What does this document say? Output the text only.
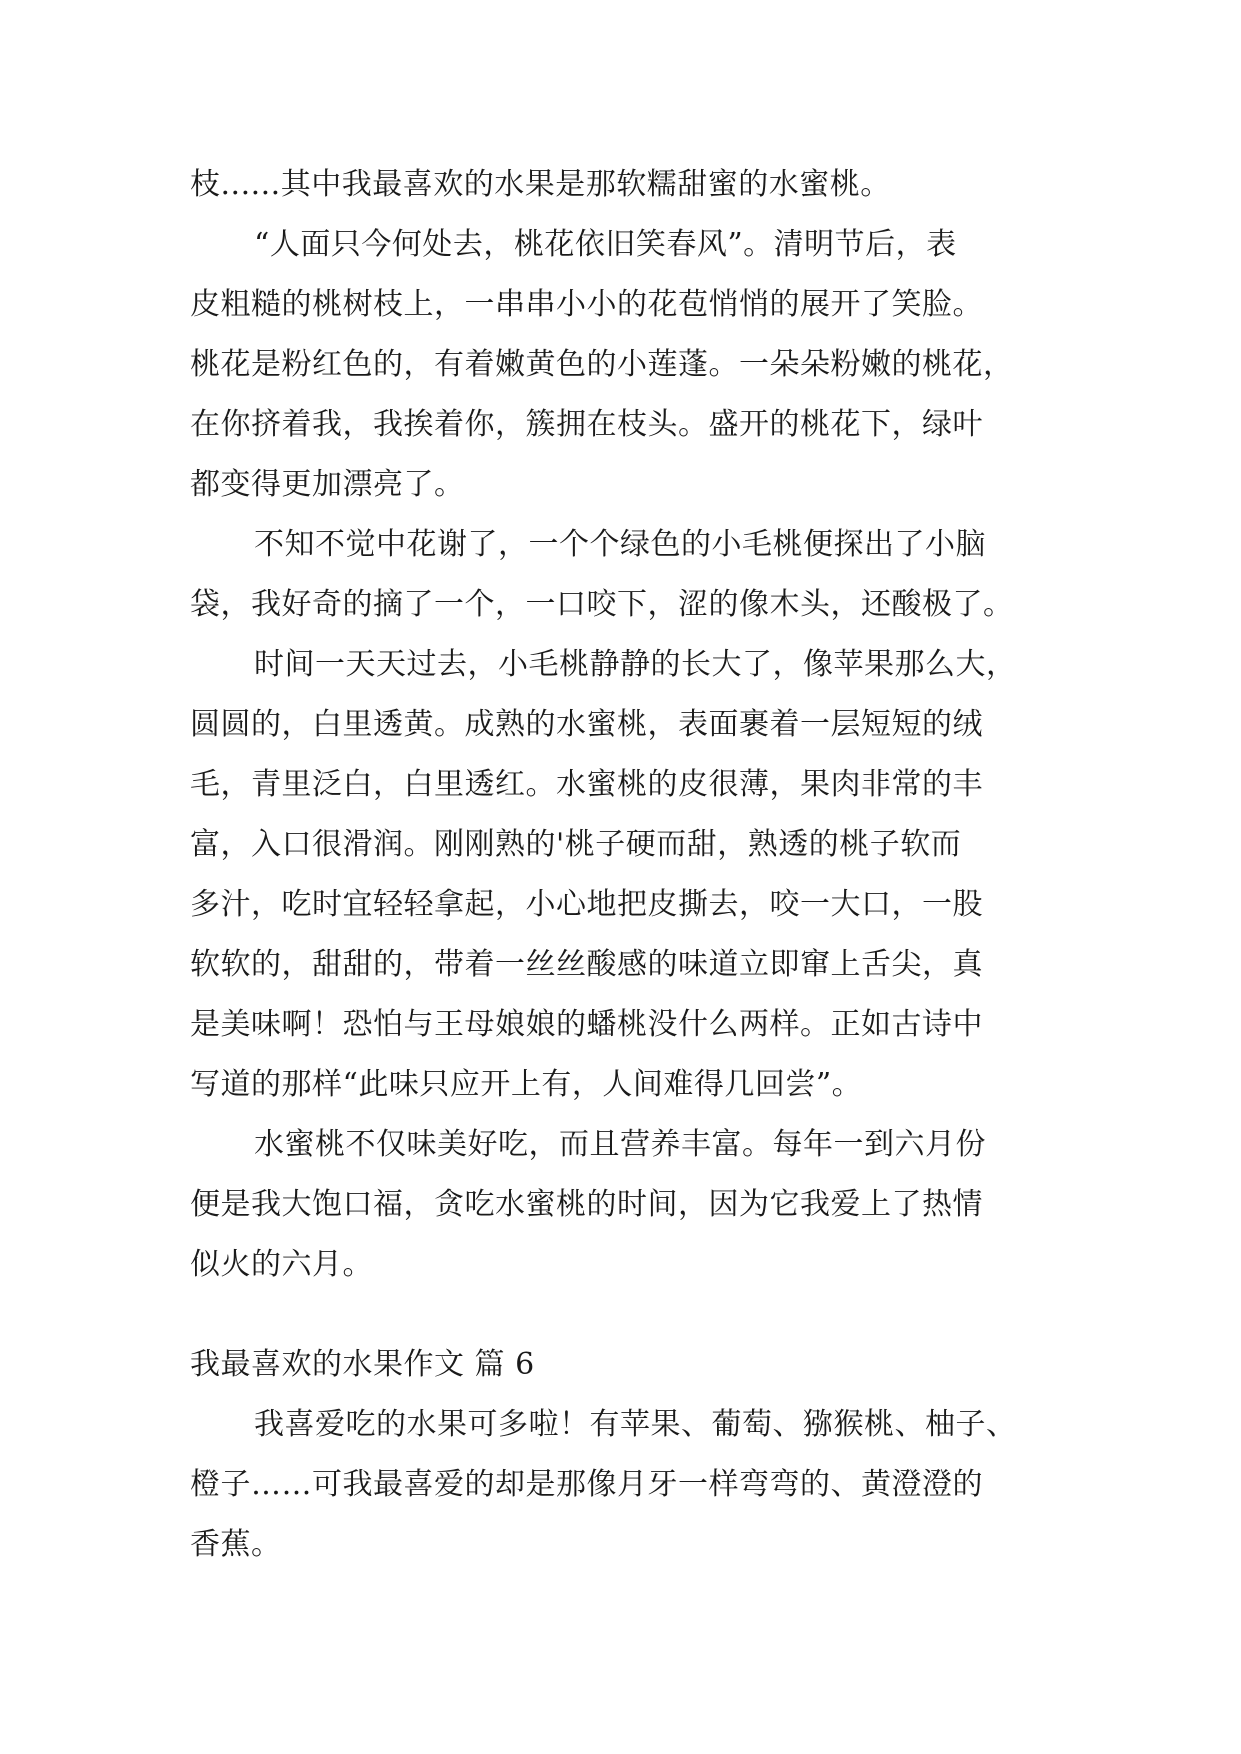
枝......其中我最喜欢的水果是那软糯甜蜜的水蜜桃。
“人面只今何处去，桃花依旧笑春风”。清明节后，表
皮粗糙的桃树枝上，一串串小小的花苞悄悄的展开了笑脸。
桃花是粉红色的，有着嫩黄色的小莲蓬。一朵朵粉嫩的桃花，
在你挤着我，我挨着你，簇拥在枝头。盛开的桃花下，绿叶
都变得更加漂亮了。
不知不觉中花谢了，一个个绿色的小毛桃便探出了小脑
袋，我好奇的摘了一个，一口咬下，涩的像木头，还酸极了。
时间一天天过去，小毛桃静静的长大了，像苹果那么大，
圆圆的，白里透黄。成熟的水蜜桃，表面裹着一层短短的绒
毛，青里泛白，白里透红。水蜜桃的皮很薄，果肉非常的丰
富，入口很滑润。刚刚熟的'桃子硬而甜，熟透的桃子软而
多汁，吃时宜轻轻拿起，小心地把皮撕去，咬一大口，一股
软软的，甜甜的，带着一丝丝酸感的味道立即窜上舌尖，真
是美味啊！恐怕与王母娘娘的蟠桃没什么两样。正如古诗中
写道的那样“此味只应开上有，人间难得几回尝”。
水蜜桃不仅味美好吃，而且营养丰富。每年一到六月份
便是我大饱口福，贪吃水蜜桃的时间，因为它我爱上了热情
似火的六月。
我最喜欢的水果作文 篇 6
我喜爱吃的水果可多啦！有苹果、葡萄、猕猴桃、柚子、
橙子……可我最喜爱的却是那像月牙一样弯弯的、黄澄澄的
香蕉。
